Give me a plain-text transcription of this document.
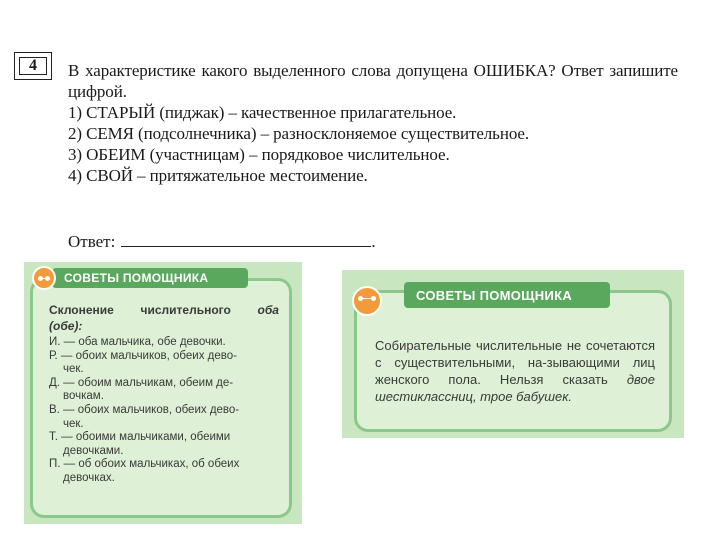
4	В характеристике какого выделенного слова допущена ОШИБКА? Ответ запишите цифрой.

1) СТАРЫЙ (пиджак) – качественное прилагательное.

2) СЕМЯ (подсолнечника) – разносклоняемое существительное.

3) ОБЕИМ (участницам) – порядковое числительное.

4) СВОЙ – притяжательное местоимение.

Ответ:	.
Склонение числительного оба
(обе):

И. — оба мальчика, обе девочки.

Р. — обоих мальчиков, обеих дево-

чек.

Д. — обоим мальчикам, обеим де-

вочкам.

В. — обоих мальчиков, обеих дево-

чек.

Т. — обоими мальчиками, обеими

девочками.

П. — об обоих мальчиках, об обеих

девочках.

СОВЕТЫ ПОМОЩНИКА
Собирательные числительные не сочетаются с существительными, на-зывающими лиц женского пола. Нельзя сказать двое шестиклассниц, трое бабушек.
СОВЕТЫ ПОМОЩНИКА
